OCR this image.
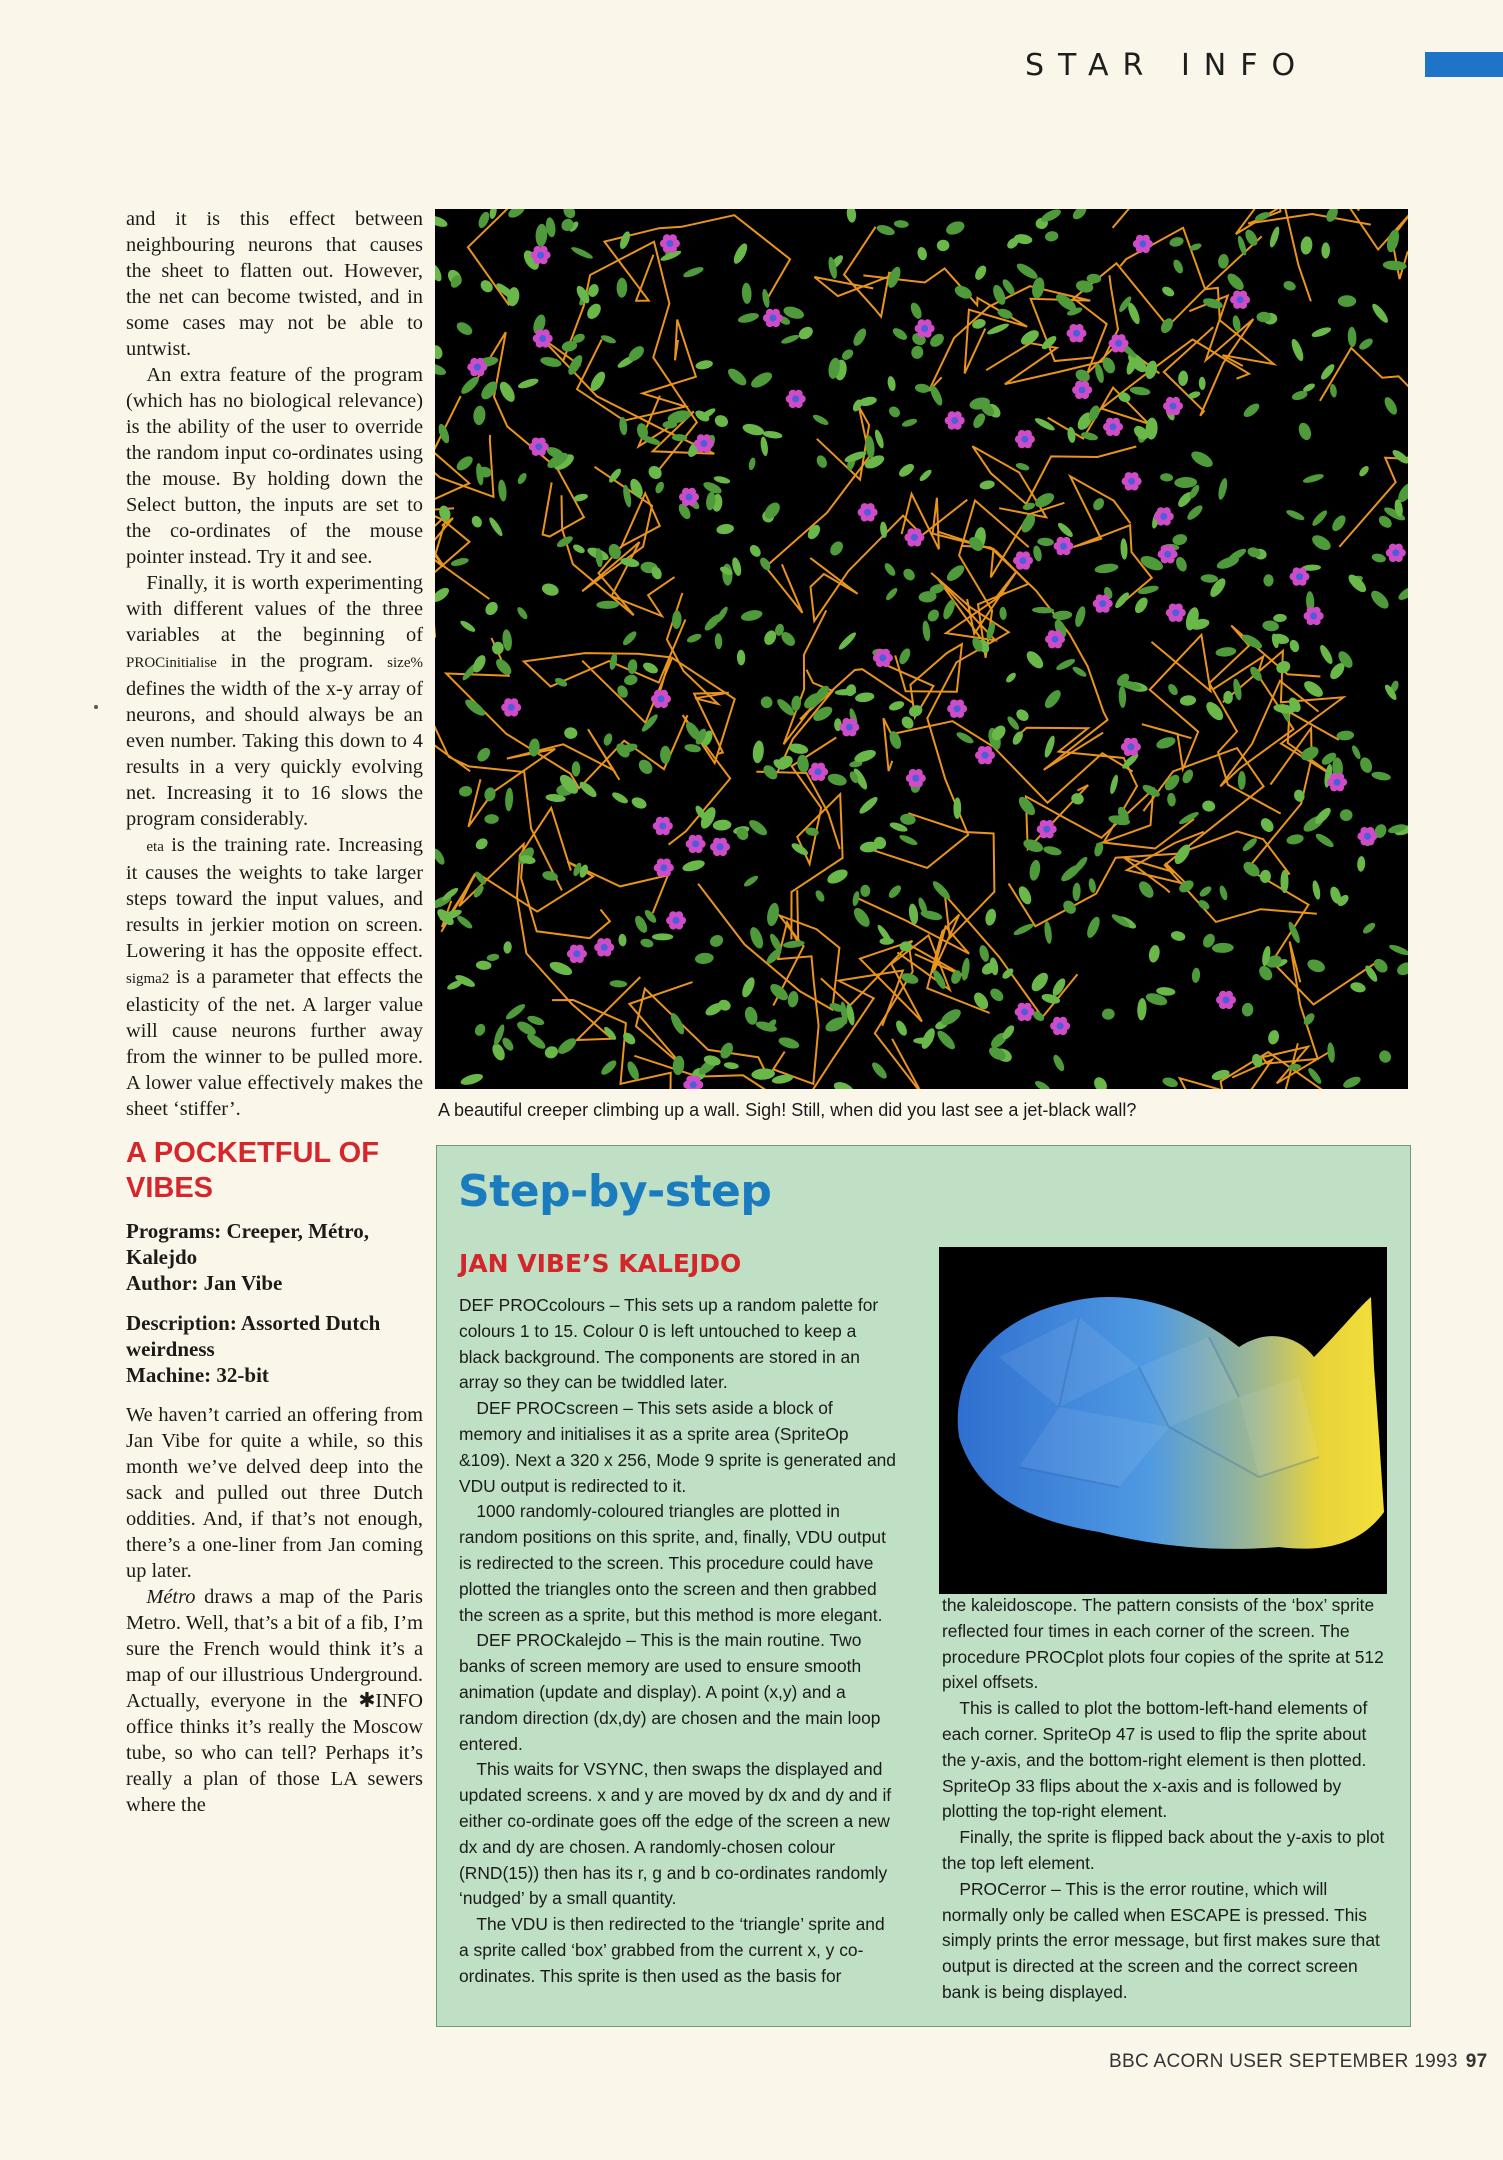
STAR INFO

and it is this effect between neighbouring neurons that causes the sheet to flatten out. However, the net can become twisted, and in some cases may not be able to untwist.

An extra feature of the program (which has no biological relevance) is the ability of the user to override the random input co-ordinates using the mouse. By holding down the Select button, the inputs are set to the co-ordinates of the mouse pointer instead. Try it and see.

Finally, it is worth experimenting with different values of the three variables at the beginning of PROCinitialise in the program. size% defines the width of the x-y array of neurons, and should always be an even number. Taking this down to 4 results in a very quickly evolving net. Increasing it to 16 slows the program considerably.

eta is the training rate. Increasing it causes the weights to take larger steps toward the input values, and results in jerkier motion on screen. Lowering it has the opposite effect. sigma2 is a parameter that effects the elasticity of the net. A larger value will cause neurons further away from the winner to be pulled more. A lower value effectively makes the sheet ‘stiffer’.

A POCKETFUL OF VIBES
Programs: Creeper, Métro, Kalejdo
Author: Jan Vibe
Description: Assorted Dutch weirdness
Machine: 32-bit

We haven’t carried an offering from Jan Vibe for quite a while, so this month we’ve delved deep into the sack and pulled out three Dutch oddities. And, if that’s not enough, there’s a one-liner from Jan coming up later.

Métro draws a map of the Paris Metro. Well, that’s a bit of a fib, I’m sure the French would think it’s a map of our illustrious Underground. Actually, everyone in the ✱INFO office thinks it’s really the Moscow tube, so who can tell? Perhaps it’s really a plan of those LA sewers where the

A beautiful creeper climbing up a wall. Sigh! Still, when did you last see a jet-black wall?
Step-by-step
JAN VIBE’S KALEJDO

DEF PROCcolours – This sets up a random palette for colours 1 to 15. Colour 0 is left untouched to keep a black background. The components are stored in an array so they can be twiddled later.

DEF PROCscreen – This sets aside a block of memory and initialises it as a sprite area (SpriteOp &109). Next a 320 x 256, Mode 9 sprite is generated and VDU output is redirected to it.

1000 randomly-coloured triangles are plotted in random positions on this sprite, and, finally, VDU output is redirected to the screen. This procedure could have plotted the triangles onto the screen and then grabbed the screen as a sprite, but this method is more elegant.

DEF PROCkalejdo – This is the main routine. Two banks of screen memory are used to ensure smooth animation (update and display). A point (x,y) and a random direction (dx,dy) are chosen and the main loop entered.

This waits for VSYNC, then swaps the displayed and updated screens. x and y are moved by dx and dy and if either co-ordinate goes off the edge of the screen a new dx and dy are chosen. A randomly-chosen colour (RND(15)) then has its r, g and b co-ordinates randomly ‘nudged’ by a small quantity.

The VDU is then redirected to the ‘triangle’ sprite and a sprite called ‘box’ grabbed from the current x, y co-ordinates. This sprite is then used as the basis for

the kaleidoscope. The pattern consists of the ‘box’ sprite reflected four times in each corner of the screen. The procedure PROCplot plots four copies of the sprite at 512 pixel offsets.

This is called to plot the bottom-left-hand elements of each corner. SpriteOp 47 is used to flip the sprite about the y-axis, and the bottom-right element is then plotted. SpriteOp 33 flips about the x-axis and is followed by plotting the top-right element.

Finally, the sprite is flipped back about the y-axis to plot the top left element.

PROCerror – This is the error routine, which will normally only be called when ESCAPE is pressed. This simply prints the error message, but first makes sure that output is directed at the screen and the correct screen bank is being displayed.

BBC ACORN USER SEPTEMBER 1993 97
